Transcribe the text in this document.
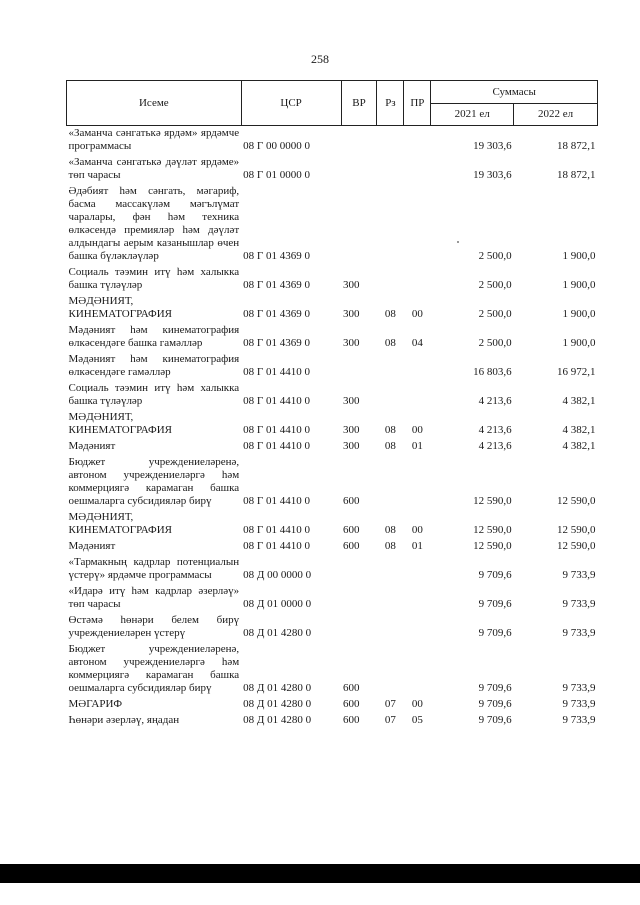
258
Исеме	ЦСР	ВР	Рз	ПР	Суммасы	
					2021 ел	2022 ел
«Заманча сәнгатькә ярдәм» ярдәмче программасы	08 Г 00 0000 0				19 303,6	18 872,1
«Заманча сәнгатькә дәүләт ярдәме» төп чарасы	08 Г 01 0000 0				19 303,6	18 872,1
Әдәбият һәм сәнгать, мәгариф, басма массакүләм мәгълүмат чаралары, фән һәм техника өлкәсендә премияләр һәм дәүләт алдындагы аерым казанышлар өчен башка бүләкләүләр	08 Г 01 4369 0				2 500,0	1 900,0
Социаль тәэмин итү һәм халыкка башка түләүләр	08 Г 01 4369 0	300			2 500,0	1 900,0
МӘДӘНИЯТ, КИНЕМАТОГРАФИЯ	08 Г 01 4369 0	300	08	00	2 500,0	1 900,0
Мәдәният һәм кинематография өлкәсендәге башка гамәлләр	08 Г 01 4369 0	300	08	04	2 500,0	1 900,0
Мәдәният һәм кинематография өлкәсендәге гамәлләр	08 Г 01 4410 0				16 803,6	16 972,1
Социаль тәэмин итү һәм халыкка башка түләүләр	08 Г 01 4410 0	300			4 213,6	4 382,1
МӘДӘНИЯТ, КИНЕМАТОГРАФИЯ	08 Г 01 4410 0	300	08	00	4 213,6	4 382,1
Мәдәният	08 Г 01 4410 0	300	08	01	4 213,6	4 382,1
Бюджет учреждениеләренә, автоном учреждениеләргә һәм коммерциягә карамаган башка оешмаларга субсидияләр бирү	08 Г 01 4410 0	600			12 590,0	12 590,0
МӘДӘНИЯТ, КИНЕМАТОГРАФИЯ	08 Г 01 4410 0	600	08	00	12 590,0	12 590,0
Мәдәният	08 Г 01 4410 0	600	08	01	12 590,0	12 590,0
«Тармакның кадрлар потенциалын үстерү» ярдәмче программасы	08 Д 00 0000 0				9 709,6	9 733,9
«Идарә итү һәм кадрлар әзерләү» төп чарасы	08 Д 01 0000 0				9 709,6	9 733,9
Өстәмә һөнәри белем бирү учреждениеләрен үстерү	08 Д 01 4280 0				9 709,6	9 733,9
Бюджет учреждениеләренә, автоном учреждениеләргә һәм коммерциягә карамаган башка оешмаларга субсидияләр бирү	08 Д 01 4280 0	600			9 709,6	9 733,9
МӘГАРИФ	08 Д 01 4280 0	600	07	00	9 709,6	9 733,9
Һөнәри әзерләү, яңадан	08 Д 01 4280 0	600	07	05	9 709,6	9 733,9
